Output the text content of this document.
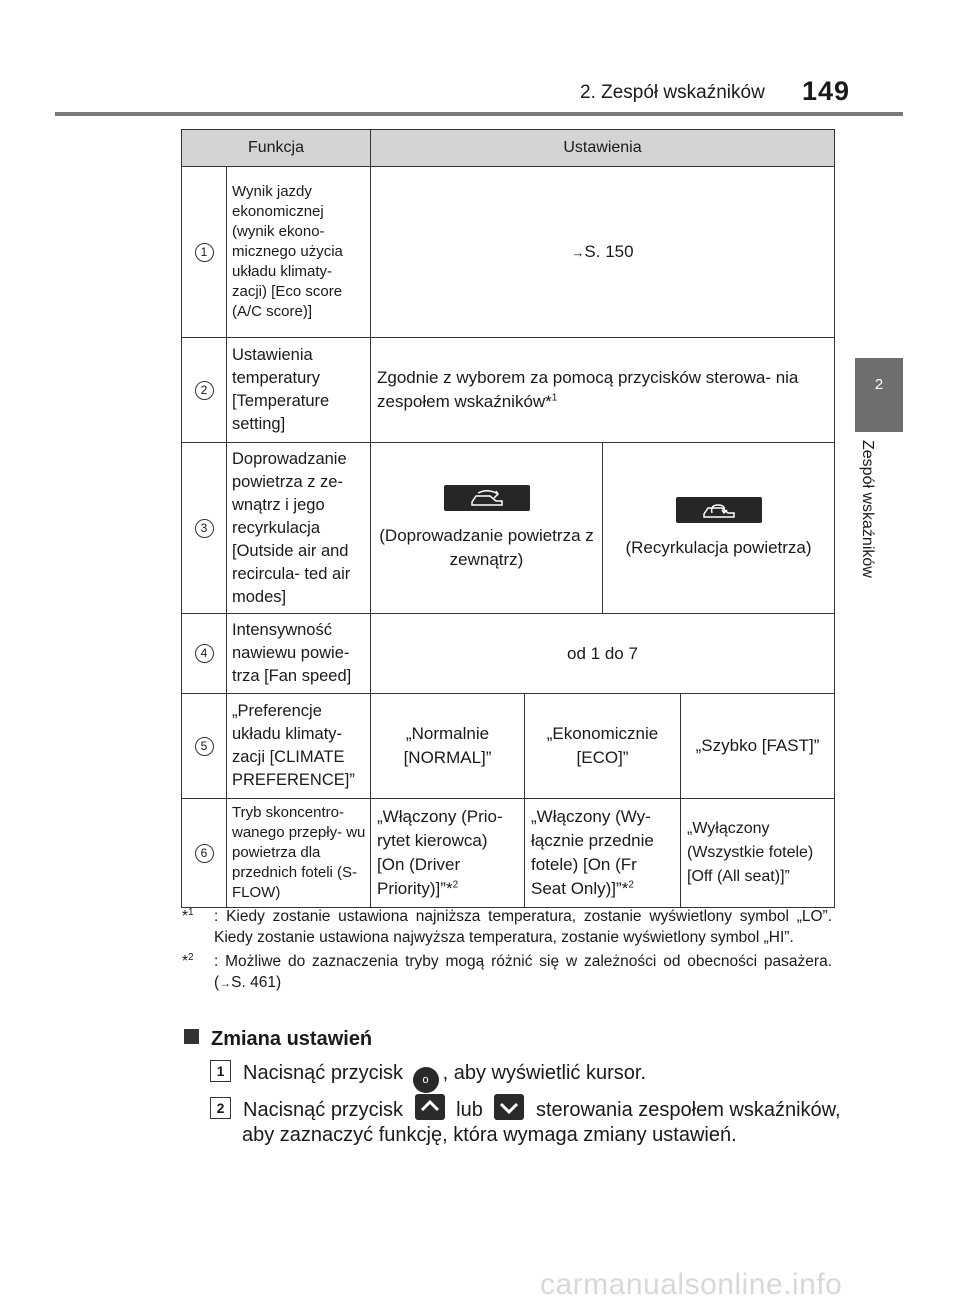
2. Zespół wskaźników 149
2
Zespół wskaźników
Funkcja		Ustawienia			
1	Wynik jazdy ekonomicznej (wynik ekono- micznego użycia układu klimaty- zacji) [Eco score (A/C score)]	→S. 150			
2	Ustawienia temperatury [Temperature setting]	Zgodnie z wyborem za pomocą przycisków sterowa- nia zespołem wskaźników*$^1$
3	Doprowadzanie powietrza z ze- wnątrz i jego recyrkulacja [Outside air and recircula- ted air modes]	(Doprowadzanie powietrza z zewnątrz)		(Recyrkulacja powietrza)	

4	Intensywność nawiewu powie- trza [Fan speed]	od 1 do 7			
5	„Preferencje układu klimaty- zacji [CLIMATE PREFERENCE]”	„Normalnie [NORMAL]”	„Ekonomicznie [ECO]”		„Szybko [FAST]”
6	Tryb skoncentro- wanego przepły- wu powietrza dla przednich foteli (S-FLOW)	„Włączony (Prio- rytet kierowca) [On (Driver Priority)]”*$^2$	„Włączony (Wy- łącznie przednie fotele) [On (Fr Seat Only)]”*$^2$		„Wyłączony (Wszystkie fotele) [Off (All seat)]”
*$^1$ : Kiedy zostanie ustawiona najniższa temperatura, zostanie wyświetlony symbol „LO”. Kiedy zostanie ustawiona najwyższa temperatura, zostanie wyświetlony symbol „HI”.
*$^2$ : Możliwe do zaznaczenia tryby mogą różnić się w zależności od obecności pasażera. (→S. 461)
Zmiana ustawień
1 Nacisnąć przycisk o , aby wyświetlić kursor.
2 Nacisnąć przycisk	lub	sterowania zespołem wskaźników,
aby zaznaczyć funkcję, która wymaga zmiany ustawień.
carmanualsonline.info
